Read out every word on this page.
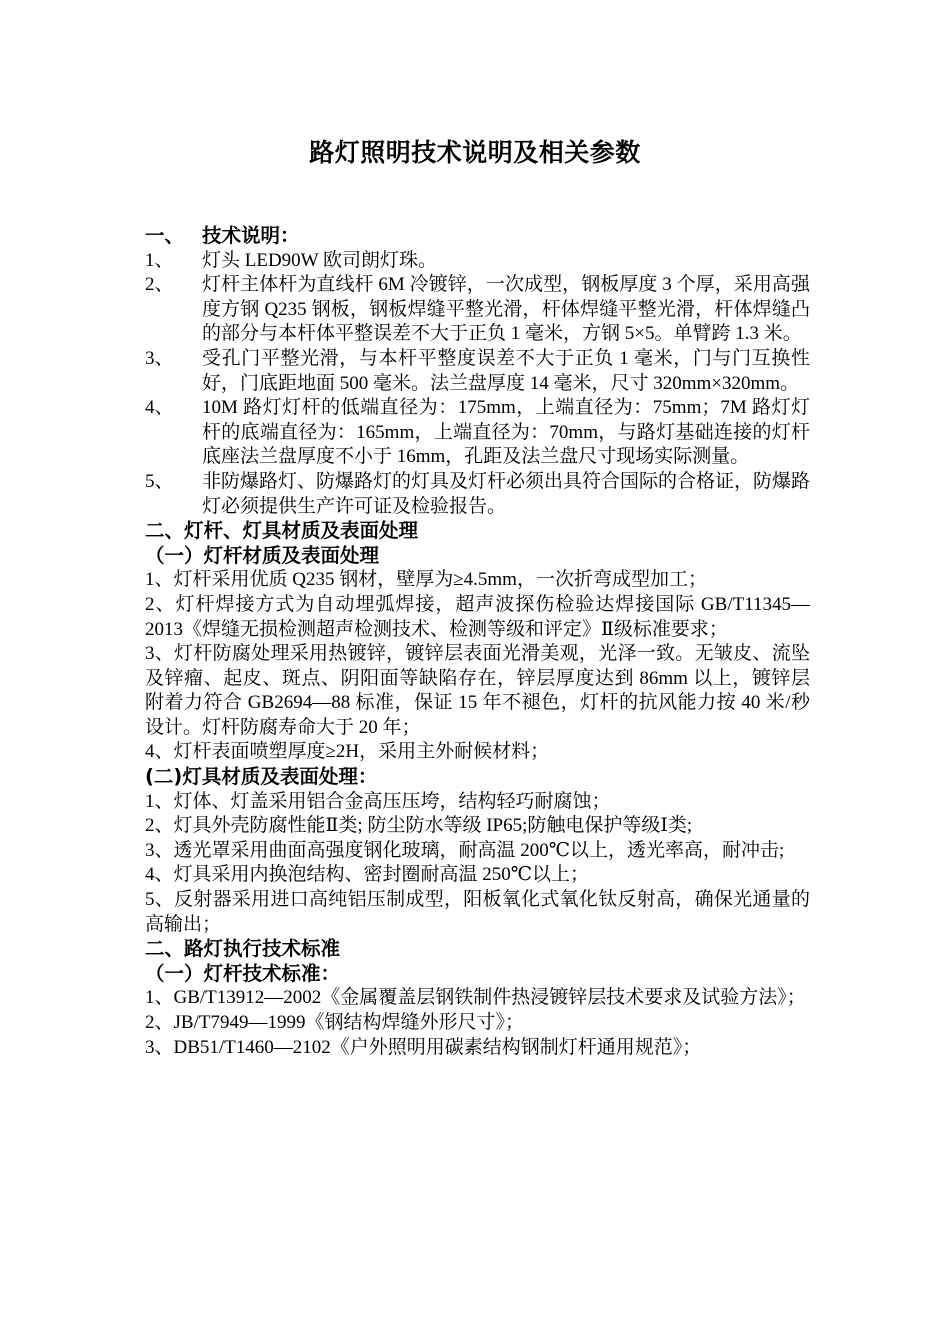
路灯照明技术说明及相关参数
一、 技术说明：
1、	灯头 LED90W 欧司朗灯珠。
2、	灯杆主体杆为直线杆 6M 冷镀锌，一次成型，钢板厚度 3 个厚，采用高强度方钢 Q235 钢板，钢板焊缝平整光滑，杆体焊缝平整光滑，杆体焊缝凸的部分与本杆体平整误差不大于正负 1 毫米，方钢 5×5。单臂跨 1.3 米。
3、	受孔门平整光滑，与本杆平整度误差不大于正负 1 毫米，门与门互换性好，门底距地面 500 毫米。法兰盘厚度 14 毫米，尺寸 320mm×320mm。
4、	10M 路灯灯杆的低端直径为：175mm，上端直径为：75mm；7M 路灯灯杆的底端直径为：165mm，上端直径为：70mm，与路灯基础连接的灯杆底座法兰盘厚度不小于 16mm，孔距及法兰盘尺寸现场实际测量。
5、	非防爆路灯、防爆路灯的灯具及灯杆必须出具符合国际的合格证，防爆路灯必须提供生产许可证及检验报告。
二、灯杆、灯具材质及表面处理
（一）灯杆材质及表面处理
1、灯杆采用优质 Q235 钢材，壁厚为≥4.5mm，一次折弯成型加工；
2、灯杆焊接方式为自动埋弧焊接，超声波探伤检验达焊接国际 GB/T11345—2013《焊缝无损检测超声检测技术、检测等级和评定》Ⅱ级标准要求；
3、灯杆防腐处理采用热镀锌，镀锌层表面光滑美观，光泽一致。无皱皮、流坠及锌瘤、起皮、斑点、阴阳面等缺陷存在，锌层厚度达到 86mm 以上，镀锌层附着力符合 GB2694—88 标准，保证 15 年不褪色，灯杆的抗风能力按 40 米/秒设计。灯杆防腐寿命大于 20 年；
4、灯杆表面喷塑厚度≥2H，采用主外耐候材料；
(二)灯具材质及表面处理：
1、灯体、灯盖采用铝合金高压压垮，结构轻巧耐腐蚀；
2、灯具外壳防腐性能Ⅱ类; 防尘防水等级 IP65;防触电保护等级Ⅰ类;
3、透光罩采用曲面高强度钢化玻璃，耐高温 200℃以上，透光率高，耐冲击;
4、灯具采用内换泡结构、密封圈耐高温 250℃以上；
5、反射器采用进口高纯铝压制成型，阳板氧化式氧化钛反射高，确保光通量的高输出；
二、路灯执行技术标准
（一）灯杆技术标准：
1、GB/T13912—2002《金属覆盖层钢铁制件热浸镀锌层技术要求及试验方法》；
2、JB/T7949—1999《钢结构焊缝外形尺寸》；
3、DB51/T1460—2102《户外照明用碳素结构钢制灯杆通用规范》；
